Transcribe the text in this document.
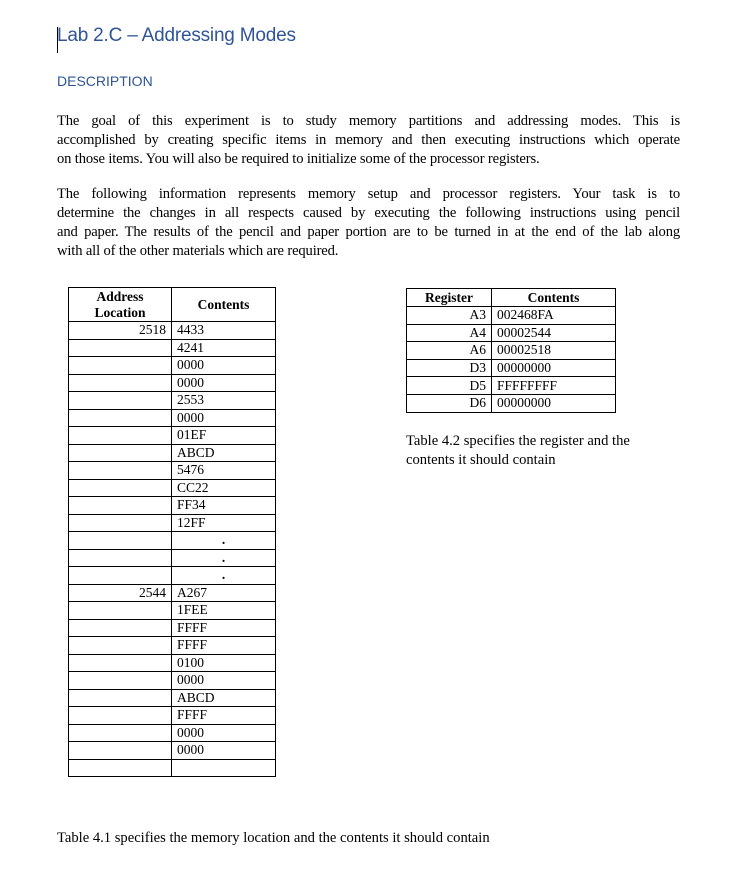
Lab 2.C – Addressing Modes
DESCRIPTION
The goal of this experiment is to study memory partitions and addressing modes. This is
accomplished by creating specific items in memory and then executing instructions which operate
on those items. You will also be required to initialize some of the processor registers.
The following information represents memory setup and processor registers. Your task is to
determine the changes in all respects caused by executing the following instructions using pencil
and paper. The results of the pencil and paper portion are to be turned in at the end of the lab along
with all of the other materials which are required.
Address Location	Contents
2518	4433
	4241
	0000
	0000
	2553
	0000
	01EF
	ABCD
	5476
	CC22
	FF34
	12FF
	.
	.
	.
2544	A267
	1FEE
	FFFF
	FFFF
	0100
	0000
	ABCD
	FFFF
	0000
	0000

Register	Contents
A3	002468FA
A4	00002544
A6	00002518
D3	00000000
D5	FFFFFFFF
D6	00000000
Table 4.2 specifies the register and the
contents it should contain
Table 4.1 specifies the memory location and the contents it should contain
